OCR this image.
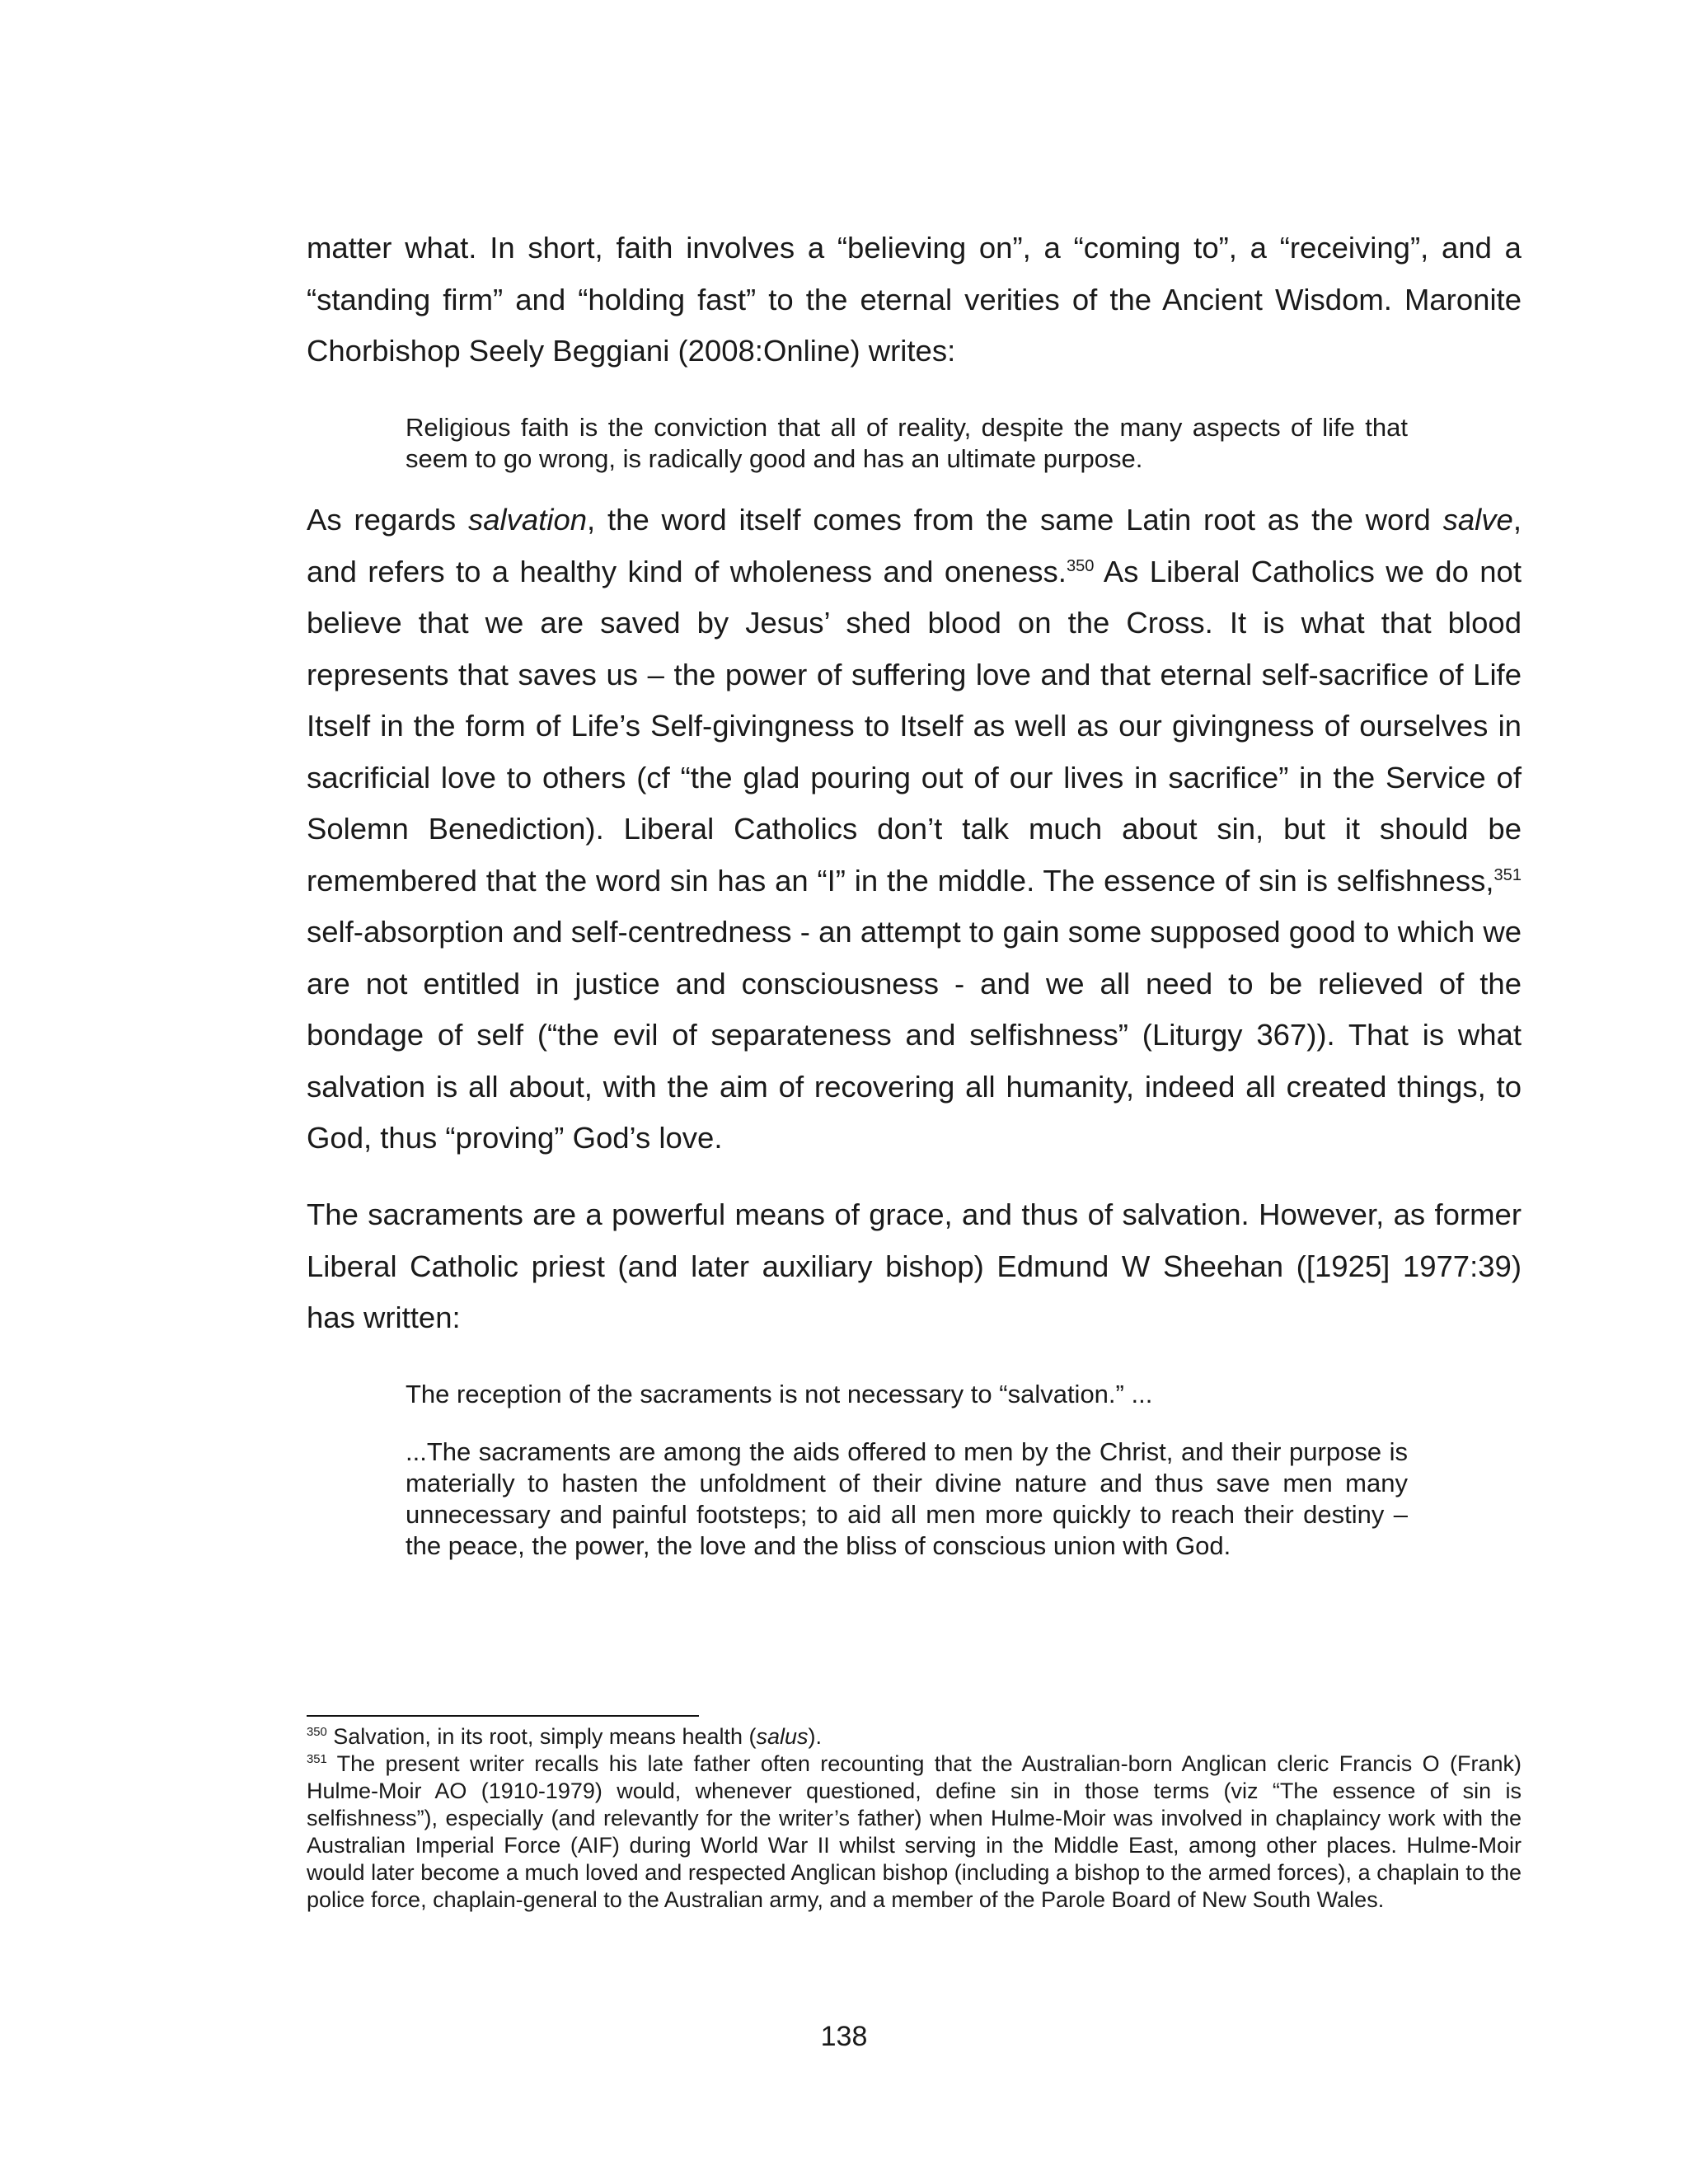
matter what. In short, faith involves a “believing on”, a “coming to”, a “receiving”, and a “standing firm” and “holding fast” to the eternal verities of the Ancient Wisdom. Maronite Chorbishop Seely Beggiani (2008:Online) writes:

Religious faith is the conviction that all of reality, despite the many aspects of life that seem to go wrong, is radically good and has an ultimate purpose.

As regards salvation, the word itself comes from the same Latin root as the word salve, and refers to a healthy kind of wholeness and oneness.$^{350}$ As Liberal Catholics we do not believe that we are saved by Jesus’ shed blood on the Cross. It is what that blood represents that saves us – the power of suffering love and that eternal self-sacrifice of Life Itself in the form of Life’s Self-givingness to Itself as well as our givingness of ourselves in sacrificial love to others (cf “the glad pouring out of our lives in sacrifice” in the Service of Solemn Benediction). Liberal Catholics don’t talk much about sin, but it should be remembered that the word sin has an “I” in the middle. The essence of sin is selfishness,$^{351}$ self-absorption and self-centredness - an attempt to gain some supposed good to which we are not entitled in justice and consciousness - and we all need to be relieved of the bondage of self (“the evil of separateness and selfishness” (Liturgy 367)). That is what salvation is all about, with the aim of recovering all humanity, indeed all created things, to God, thus “proving” God’s love.

The sacraments are a powerful means of grace, and thus of salvation. However, as former Liberal Catholic priest (and later auxiliary bishop) Edmund W Sheehan ([1925] 1977:39) has written:

The reception of the sacraments is not necessary to “salvation.” ...

...The sacraments are among the aids offered to men by the Christ, and their purpose is materially to hasten the unfoldment of their divine nature and thus save men many unnecessary and painful footsteps; to aid all men more quickly to reach their destiny – the peace, the power, the love and the bliss of conscious union with God.

$^{350}$ Salvation, in its root, simply means health (salus).

$^{351}$ The present writer recalls his late father often recounting that the Australian-born Anglican cleric Francis O (Frank) Hulme-Moir AO (1910-1979) would, whenever questioned, define sin in those terms (viz “The essence of sin is selfishness”), especially (and relevantly for the writer’s father) when Hulme-Moir was involved in chaplaincy work with the Australian Imperial Force (AIF) during World War II whilst serving in the Middle East, among other places. Hulme-Moir would later become a much loved and respected Anglican bishop (including a bishop to the armed forces), a chaplain to the police force, chaplain-general to the Australian army, and a member of the Parole Board of New South Wales.

138
